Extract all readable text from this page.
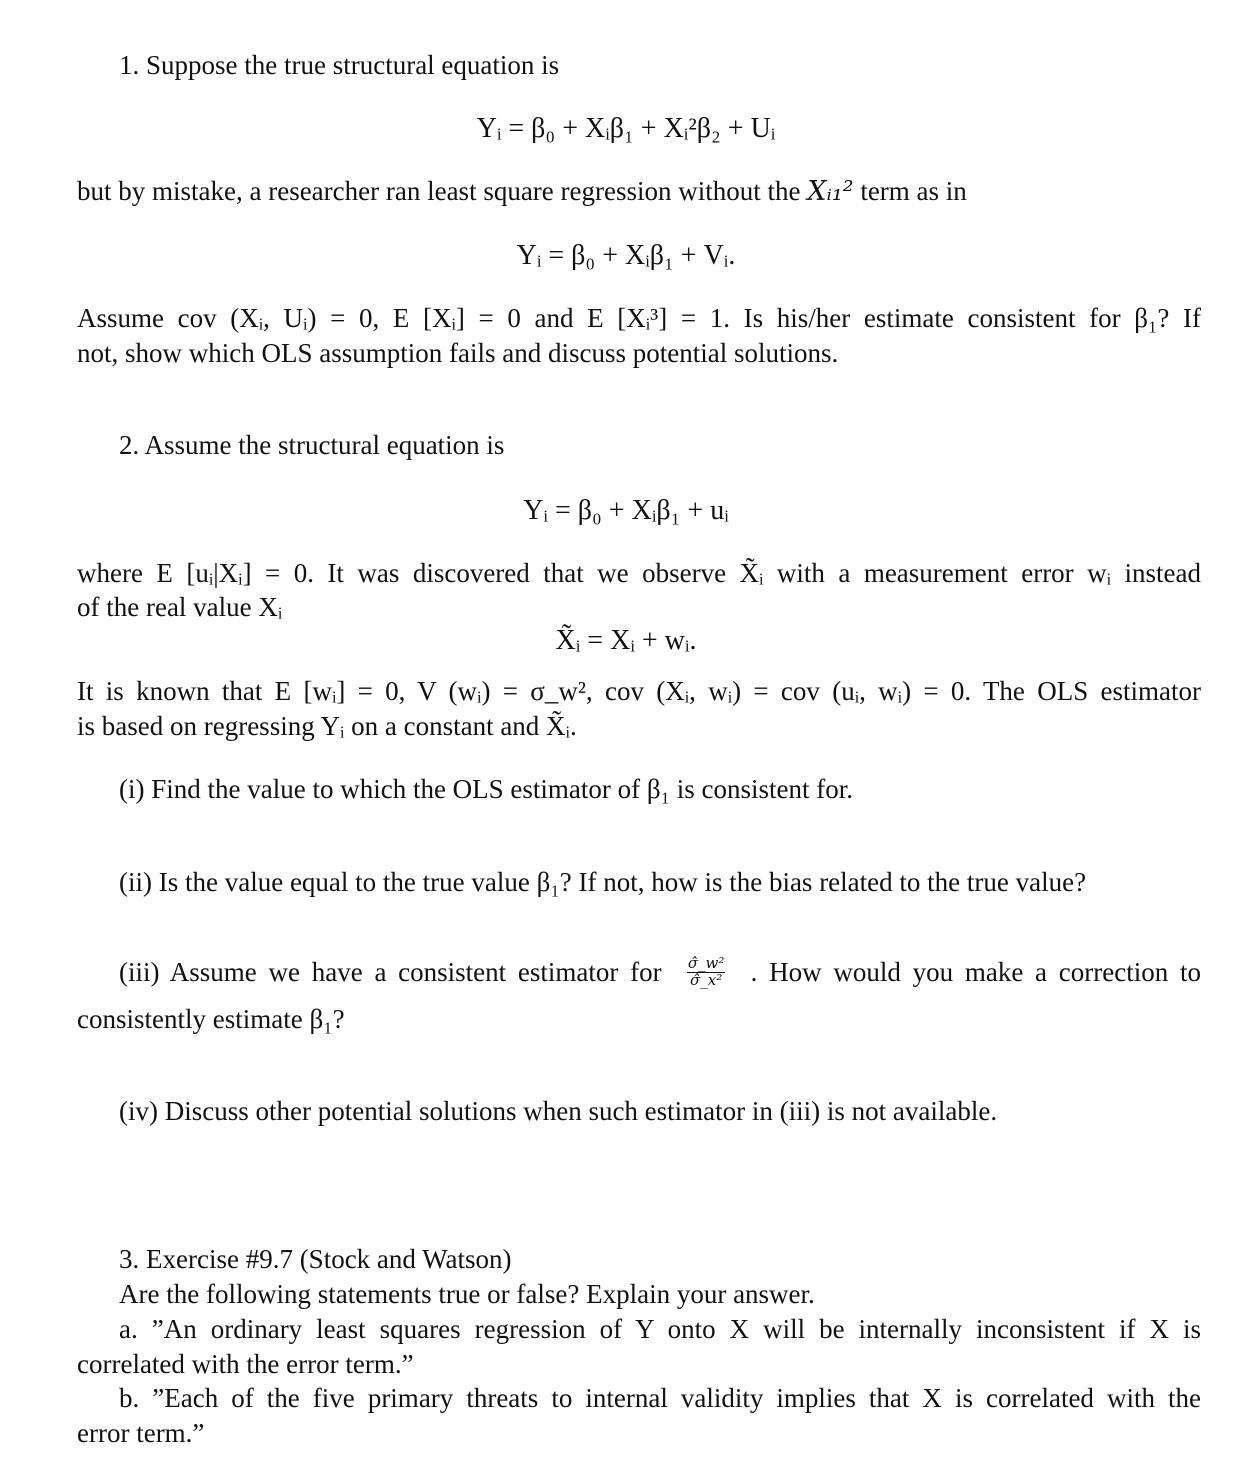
1. Suppose the true structural equation is
Yᵢ = β₀ + Xᵢβ₁ + Xᵢ²β₂ + Uᵢ
but by mistake, a researcher ran least square regression without the Xᵢ₁² term as in
Yᵢ = β₀ + Xᵢβ₁ + Vᵢ.
Assume cov (Xᵢ, Uᵢ) = 0, E [Xᵢ] = 0 and E [Xᵢ³] = 1. Is his/her estimate consistent for β₁? If
not, show which OLS assumption fails and discuss potential solutions.
2. Assume the structural equation is
Yᵢ = β₀ + Xᵢβ₁ + uᵢ
where E [uᵢ|Xᵢ] = 0. It was discovered that we observe X̃ᵢ with a measurement error wᵢ instead
of the real value Xᵢ
X̃ᵢ = Xᵢ + wᵢ.
It is known that E [wᵢ] = 0, V (wᵢ) = σ_w², cov (Xᵢ, wᵢ) = cov (uᵢ, wᵢ) = 0. The OLS estimator
is based on regressing Yᵢ on a constant and X̃ᵢ.
(i) Find the value to which the OLS estimator of β₁ is consistent for.
(ii) Is the value equal to the true value β₁? If not, how is the bias related to the true value?
(iii) Assume we have a consistent estimator for $\frac{\text{σ̂\_w²}}{\text{σ̂\_x²}}$ . How would you make a correction to
consistently estimate β₁?
(iv) Discuss other potential solutions when such estimator in (iii) is not available.
3. Exercise #9.7 (Stock and Watson)
Are the following statements true or false? Explain your answer.
a. ”An ordinary least squares regression of Y onto X will be internally inconsistent if X is
correlated with the error term.”
b. ”Each of the five primary threats to internal validity implies that X is correlated with the
error term.”
